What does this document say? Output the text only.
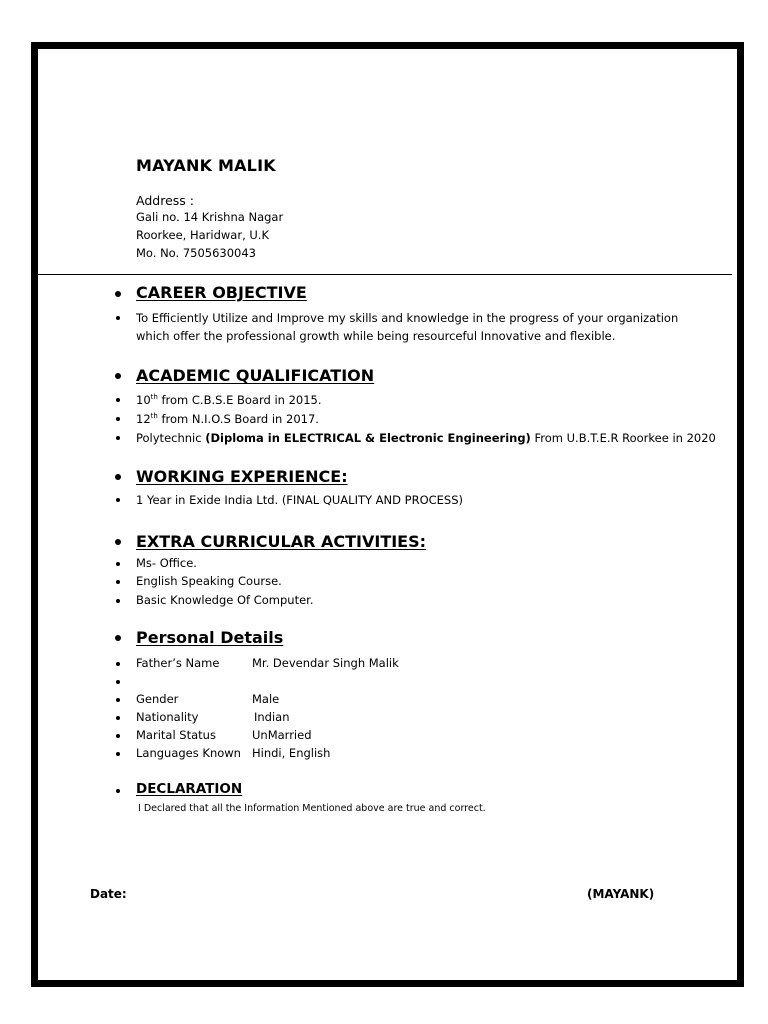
MAYANK MALIK
Address :
Gali no. 14 Krishna Nagar
Roorkee, Haridwar, U.K
Mo. No. 7505630043
CAREER OBJECTIVE
To Efficiently Utilize and Improve my skills and knowledge in the progress of your organization
which offer the professional growth while being resourceful Innovative and flexible.
ACADEMIC QUALIFICATION
10th from C.B.S.E Board in 2015.
12th from N.I.O.S Board in 2017.
Polytechnic (Diploma in ELECTRICAL & Electronic Engineering) From U.B.T.E.R Roorkee in 2020
WORKING EXPERIENCE:
1 Year in Exide India Ltd. (FINAL QUALITY AND PROCESS)
EXTRA CURRICULAR ACTIVITIES:
Ms- Office.
English Speaking Course.
Basic Knowledge Of Computer.
Personal Details
Father’s Name	Mr. Devendar Singh Malik
Gender	Male
Nationality	Indian
Marital Status	UnMarried
Languages Known Hindi, English
DECLARATION
I Declared that all the Information Mentioned above are true and correct.
Date:	(MAYANK)
